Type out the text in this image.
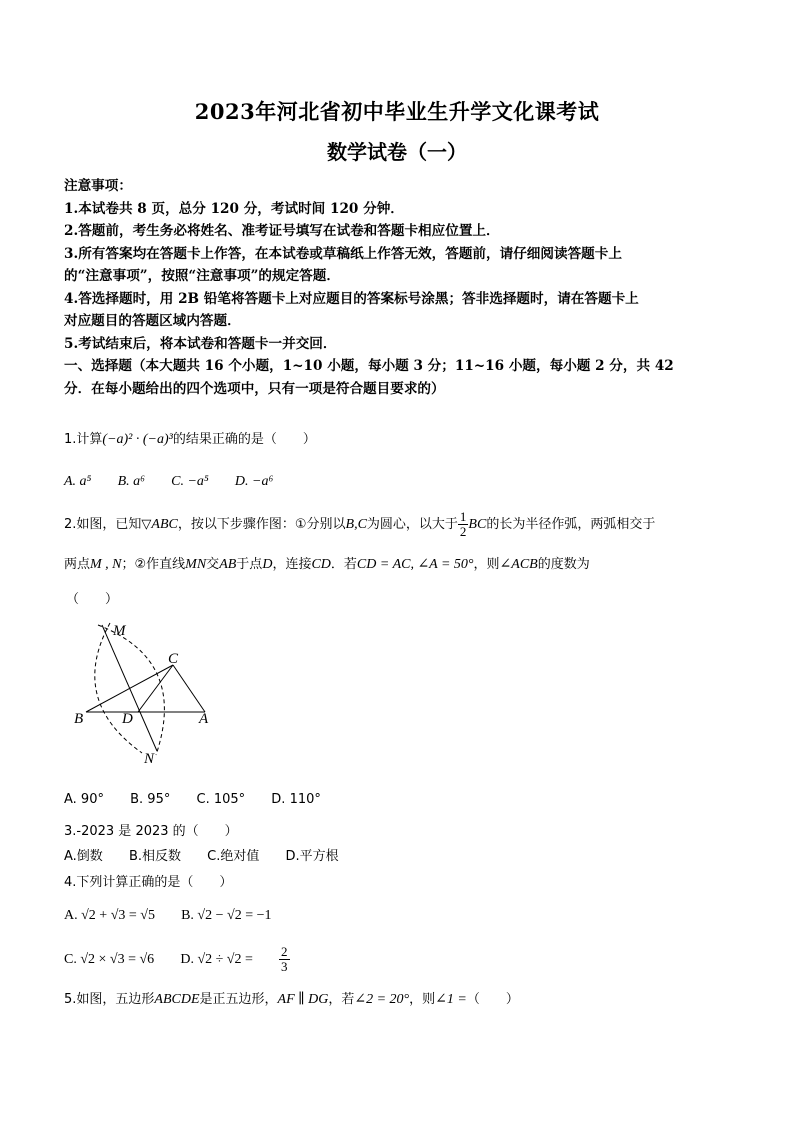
2023年河北省初中毕业生升学文化课考试
数学试卷（一）
注意事项：
1.本试卷共 8 页，总分 120 分，考试时间 120 分钟．
2.答题前，考生务必将姓名、准考证号填写在试卷和答题卡相应位置上．
3.所有答案均在答题卡上作答，在本试卷或草稿纸上作答无效，答题前，请仔细阅读答题卡上
的“注意事项”，按照“注意事项”的规定答题．
4.答选择题时，用 2B 铅笔将答题卡上对应题目的答案标号涂黑；答非选择题时，请在答题卡上
对应题目的答题区域内答题．
5.考试结束后，将本试卷和答题卡一并交回．
一、选择题（本大题共 16 个小题，1~10 小题，每小题 3 分；11~16 小题，每小题 2 分，共 42
分．在每小题给出的四个选项中，只有一项是符合题目要求的）
1.计算(−a)² · (−a)³的结果正确的是（　　）
A. a⁵ B. a⁶ C. −a⁵ D. −a⁶
2.如图，已知▽ABC，按以下步骤作图：①分别以B,C为圆心，以大于 $\frac{1}{2}$ BC的长为半径作弧，两弧相交于
两点M , N；②作直线MN交AB于点D，连接CD．若CD = AC, ∠A = 50°，则∠ACB的度数为
（　　）
M
C
B	D	A
N
A. 90° B. 95° C. 105° D. 110°
3.-2023 是 2023 的（　　）
A.倒数 B.相反数 C.绝对值 D.平方根
4.下列计算正确的是（　　）
A. √2 + √3 = √5 B. √2 − √2 = −1
C. √2 × √3 = √6 D. $√2 \div √2 = \frac{2}{3}$
5.如图，五边形ABCDE是正五边形，AF ∥ DG，若∠2 = 20°，则∠1 =（　　）
